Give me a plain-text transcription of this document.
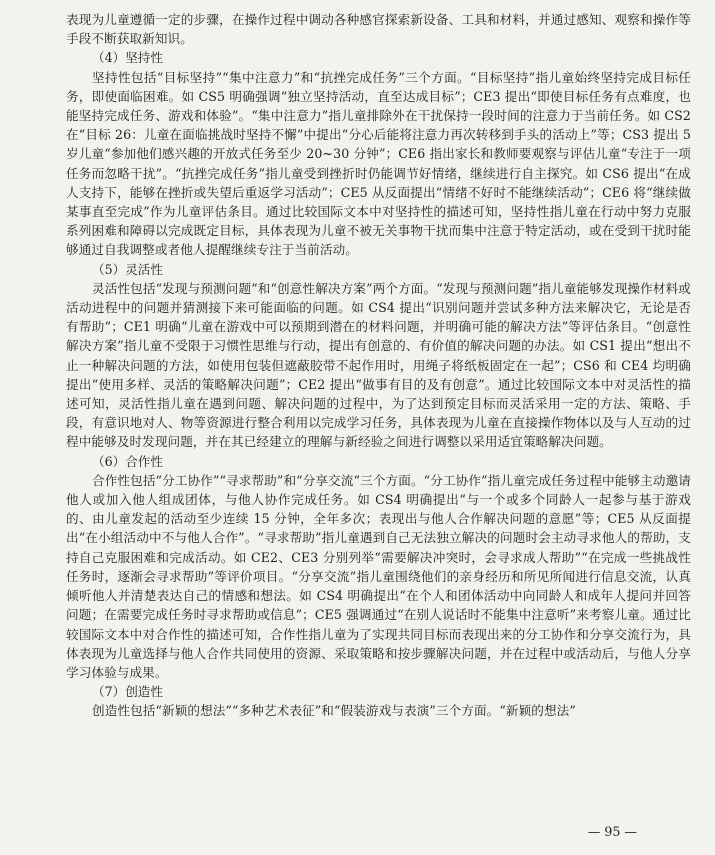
表现为儿童遵循一定的步骤，在操作过程中调动各种感官探索新设备、工具和材料，并通过感知、观察和操作等手段不断获取新知识。

（4）坚持性

坚持性包括“目标坚持”“集中注意力”和“抗挫完成任务”三个方面。“目标坚持”指儿童始终坚持完成目标任务，即使面临困难。如 CS5 明确强调“独立坚持活动，直至达成目标”；CE3 提出“即使目标任务有点难度，也能坚持完成任务、游戏和体验”。“集中注意力”指儿童排除外在干扰保持一段时间的注意力于当前任务。如 CS2 在“目标 26：儿童在面临挑战时坚持不懈”中提出“分心后能将注意力再次转移到手头的活动上”等；CS3 提出 5 岁儿童“参加他们感兴趣的开放式任务至少 20~30 分钟”；CE6 指出家长和教师要观察与评估儿童“专注于一项任务而忽略干扰”。“抗挫完成任务”指儿童受到挫折时仍能调节好情绪，继续进行自主探究。如 CS6 提出“在成人支持下，能够在挫折或失望后重返学习活动”；CE5 从反面提出“情绪不好时不能继续活动”；CE6 将“继续做某事直至完成”作为儿童评估条目。通过比较国际文本中对坚持性的描述可知，坚持性指儿童在行动中努力克服系列困难和障碍以完成既定目标，具体表现为儿童不被无关事物干扰而集中注意于特定活动，或在受到干扰时能够通过自我调整或者他人提醒继续专注于当前活动。

（5）灵活性

灵活性包括“发现与预测问题”和“创意性解决方案”两个方面。“发现与预测问题”指儿童能够发现操作材料或活动进程中的问题并猜测接下来可能面临的问题。如 CS4 提出“识别问题并尝试多种方法来解决它，无论是否有帮助”；CE1 明确“儿童在游戏中可以预期到潜在的材料问题，并明确可能的解决方法”等评估条目。“创意性解决方案”指儿童不受限于习惯性思维与行动，提出有创意的、有价值的解决问题的办法。如 CS1 提出“想出不止一种解决问题的方法，如使用包装但遮蔽胶带不起作用时，用绳子将纸板固定在一起”；CS6 和 CE4 均明确提出“使用多样、灵活的策略解决问题”；CE2 提出“做事有目的及有创意”。通过比较国际文本中对灵活性的描述可知，灵活性指儿童在遇到问题、解决问题的过程中，为了达到预定目标而灵活采用一定的方法、策略、手段，有意识地对人、物等资源进行整合利用以完成学习任务，具体表现为儿童在直接操作物体以及与人互动的过程中能够及时发现问题，并在其已经建立的理解与新经验之间进行调整以采用适宜策略解决问题。

（6）合作性

合作性包括“分工协作”“寻求帮助”和“分享交流”三个方面。“分工协作”指儿童完成任务过程中能够主动邀请他人或加入他人组成团体，与他人协作完成任务。如 CS4 明确提出“与一个或多个同龄人一起参与基于游戏的、由儿童发起的活动至少连续 15 分钟，全年多次；表现出与他人合作解决问题的意愿”等；CE5 从反面提出“在小组活动中不与他人合作”。“寻求帮助”指儿童遇到自己无法独立解决的问题时会主动寻求他人的帮助，支持自己克服困难和完成活动。如 CE2、CE3 分别列举“需要解决冲突时，会寻求成人帮助”“在完成一些挑战性任务时，逐渐会寻求帮助”等评价项目。“分享交流”指儿童围绕他们的亲身经历和所见所闻进行信息交流，认真倾听他人并清楚表达自己的情感和想法。如 CS4 明确提出“在个人和团体活动中向同龄人和成年人提问并回答问题；在需要完成任务时寻求帮助或信息”；CE5 强调通过“在别人说话时不能集中注意听”来考察儿童。通过比较国际文本中对合作性的描述可知，合作性指儿童为了实现共同目标而表现出来的分工协作和分享交流行为，具体表现为儿童选择与他人合作共同使用的资源、采取策略和按步骤解决问题，并在过程中或活动后，与他人分享学习体验与成果。

（7）创造性

创造性包括“新颖的想法”“多种艺术表征”和“假装游戏与表演”三个方面。“新颖的想法”

— 95 —
